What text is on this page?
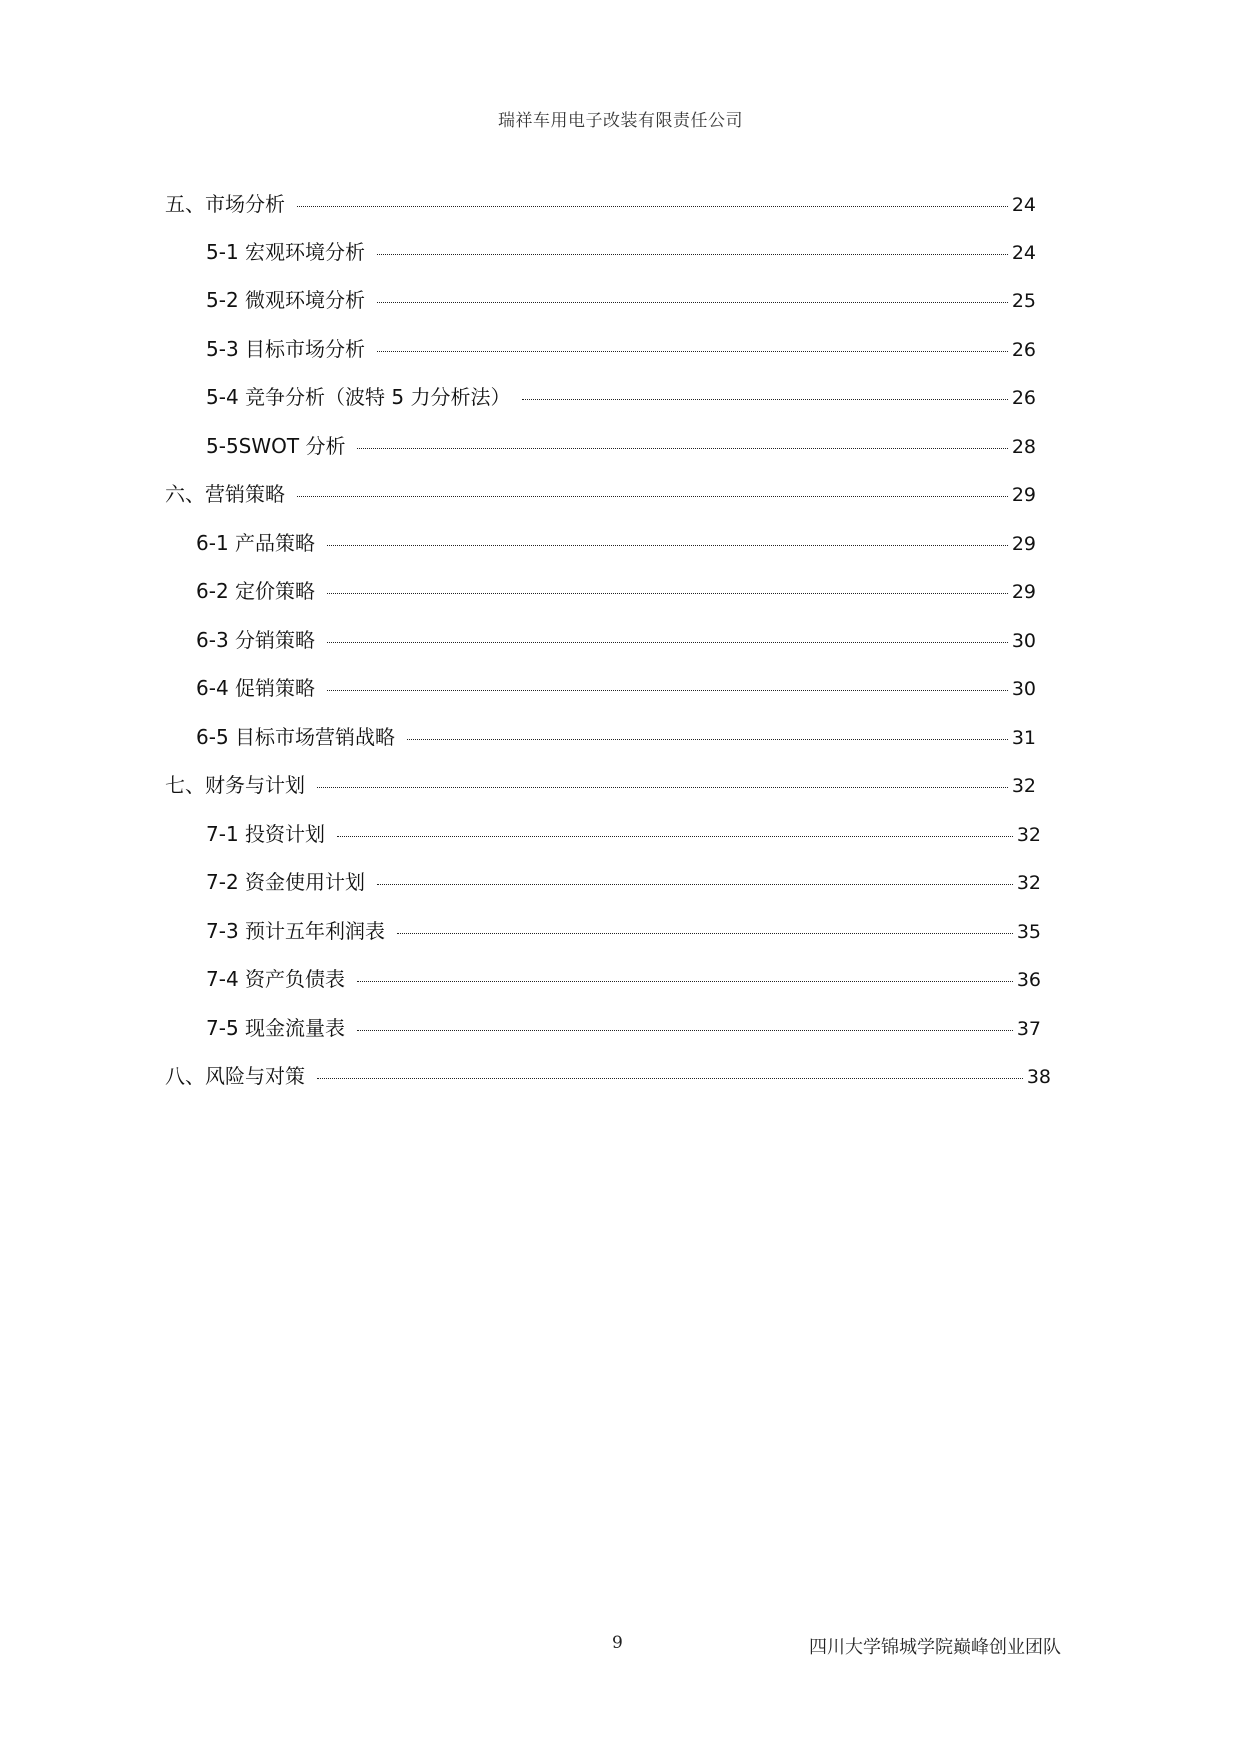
瑞祥车用电子改装有限责任公司
五、市场分析	24
5-1 宏观环境分析	24
5-2 微观环境分析	25
5-3 目标市场分析	26
5-4 竞争分析（波特 5 力分析法）	26
5-5SWOT 分析	28
六、营销策略	29
6-1 产品策略	29
6-2 定价策略	29
6-3 分销策略	30
6-4 促销策略	30
6-5 目标市场营销战略	31
七、财务与计划	32
7-1 投资计划	32
7-2 资金使用计划	32
7-3 预计五年利润表	35
7-4 资产负债表	36
7-5 现金流量表	37
八、风险与对策	38
9	四川大学锦城学院巅峰创业团队
